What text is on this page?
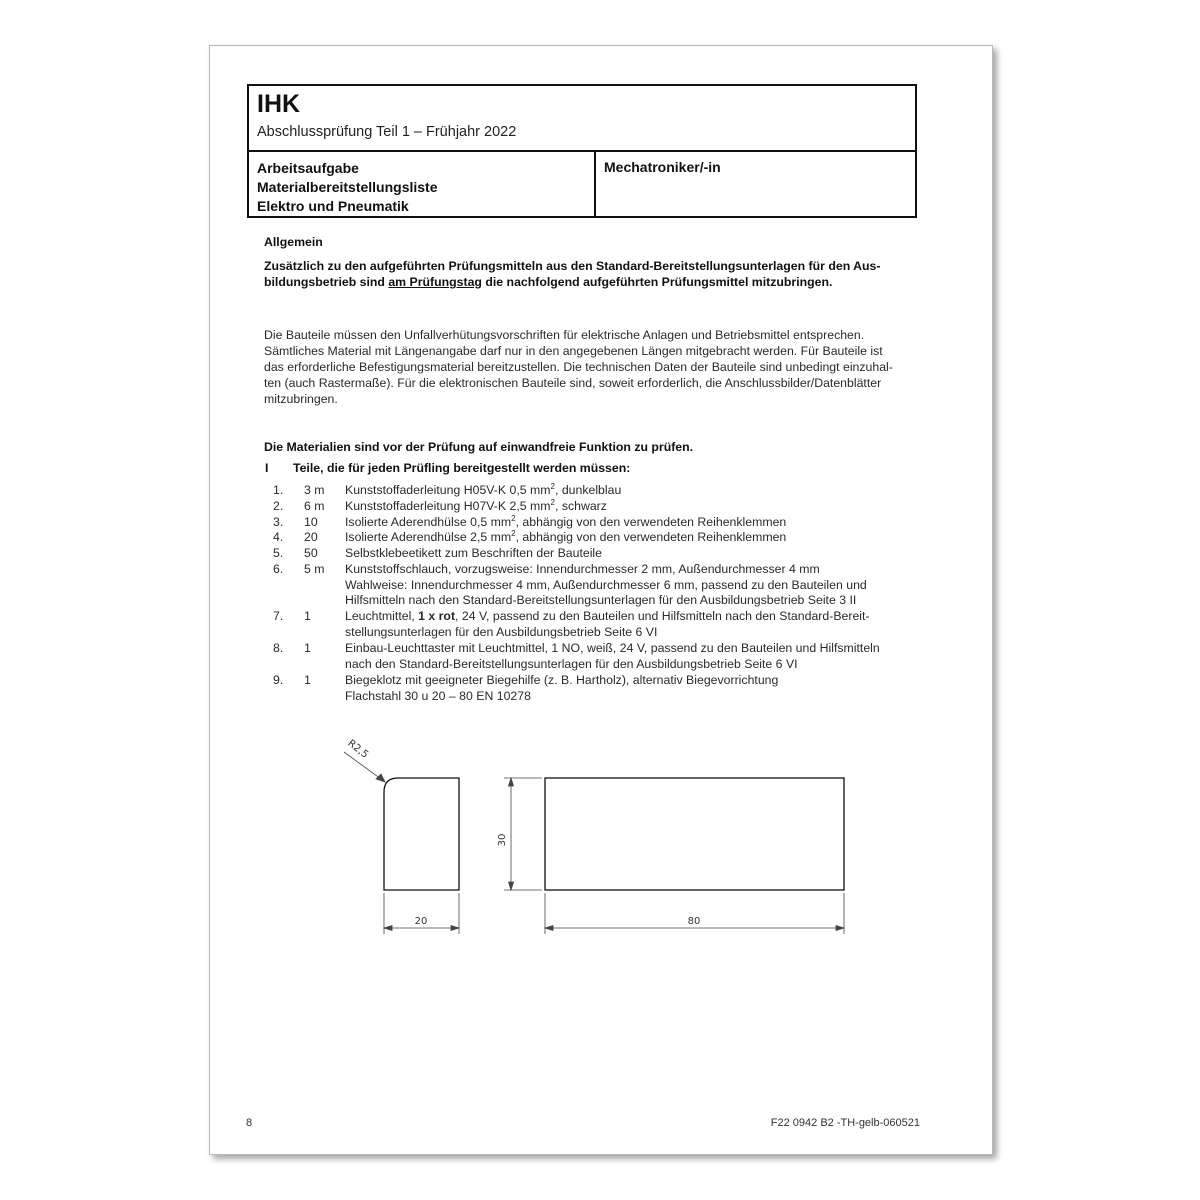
IHK
Abschlussprüfung Teil 1 – Frühjahr 2022
Arbeitsaufgabe
Materialbereitstellungsliste
Elektro und Pneumatik
Mechatroniker/-in
Allgemein
Zusätzlich zu den aufgeführten Prüfungsmitteln aus den Standard-Bereitstellungsunterlagen für den Aus-
bildungsbetrieb sind am Prüfungstag die nachfolgend aufgeführten Prüfungsmittel mitzubringen.
Die Bauteile müssen den Unfallverhütungsvorschriften für elektrische Anlagen und Betriebsmittel entsprechen.
Sämtliches Material mit Längenangabe darf nur in den angegebenen Längen mitgebracht werden. Für Bauteile ist
das erforderliche Befestigungsmaterial bereitzustellen. Die technischen Daten der Bauteile sind unbedingt einzuhal-
ten (auch Rastermaße). Für die elektronischen Bauteile sind, soweit erforderlich, die Anschlussbilder/Datenblätter
mitzubringen.
Die Materialien sind vor der Prüfung auf einwandfreie Funktion zu prüfen.
I Teile, die für jeden Prüfling bereitgestellt werden müssen:
1. 3 m Kunststoffaderleitung H05V-K 0,5 $mm^2$, dunkelblau
2. 6 m Kunststoffaderleitung H07V-K 2,5 $mm^2$, schwarz
3. 10 Isolierte Aderendhülse 0,5 $mm^2$, abhängig von den verwendeten Reihenklemmen
4. 20 Isolierte Aderendhülse 2,5 $mm^2$, abhängig von den verwendeten Reihenklemmen
5. 50 Selbstklebeetikett zum Beschriften der Bauteile
6. 5 m Kunststoffschlauch, vorzugsweise: Innendurchmesser 2 mm, Außendurchmesser 4 mm
Wahlweise: Innendurchmesser 4 mm, Außendurchmesser 6 mm, passend zu den Bauteilen und
Hilfsmitteln nach den Standard-Bereitstellungsunterlagen für den Ausbildungsbetrieb Seite 3 II
7. 1	Leuchtmittel, 1 x rot, 24 V, passend zu den Bauteilen und Hilfsmitteln nach den Standard-Bereit-
stellungsunterlagen für den Ausbildungsbetrieb Seite 6 VI
8. 1	Einbau-Leuchttaster mit Leuchtmittel, 1 NO, weiß, 24 V, passend zu den Bauteilen und Hilfsmitteln
nach den Standard-Bereitstellungsunterlagen für den Ausbildungsbetrieb Seite 6 VI
9. 1	Biegeklotz mit geeigneter Biegehilfe (z. B. Hartholz), alternativ Biegevorrichtung
Flachstahl 30 u 20 – 80 EN 10278
R2,5
30
20	80
8	F22 0942 B2 -TH-gelb-060521
